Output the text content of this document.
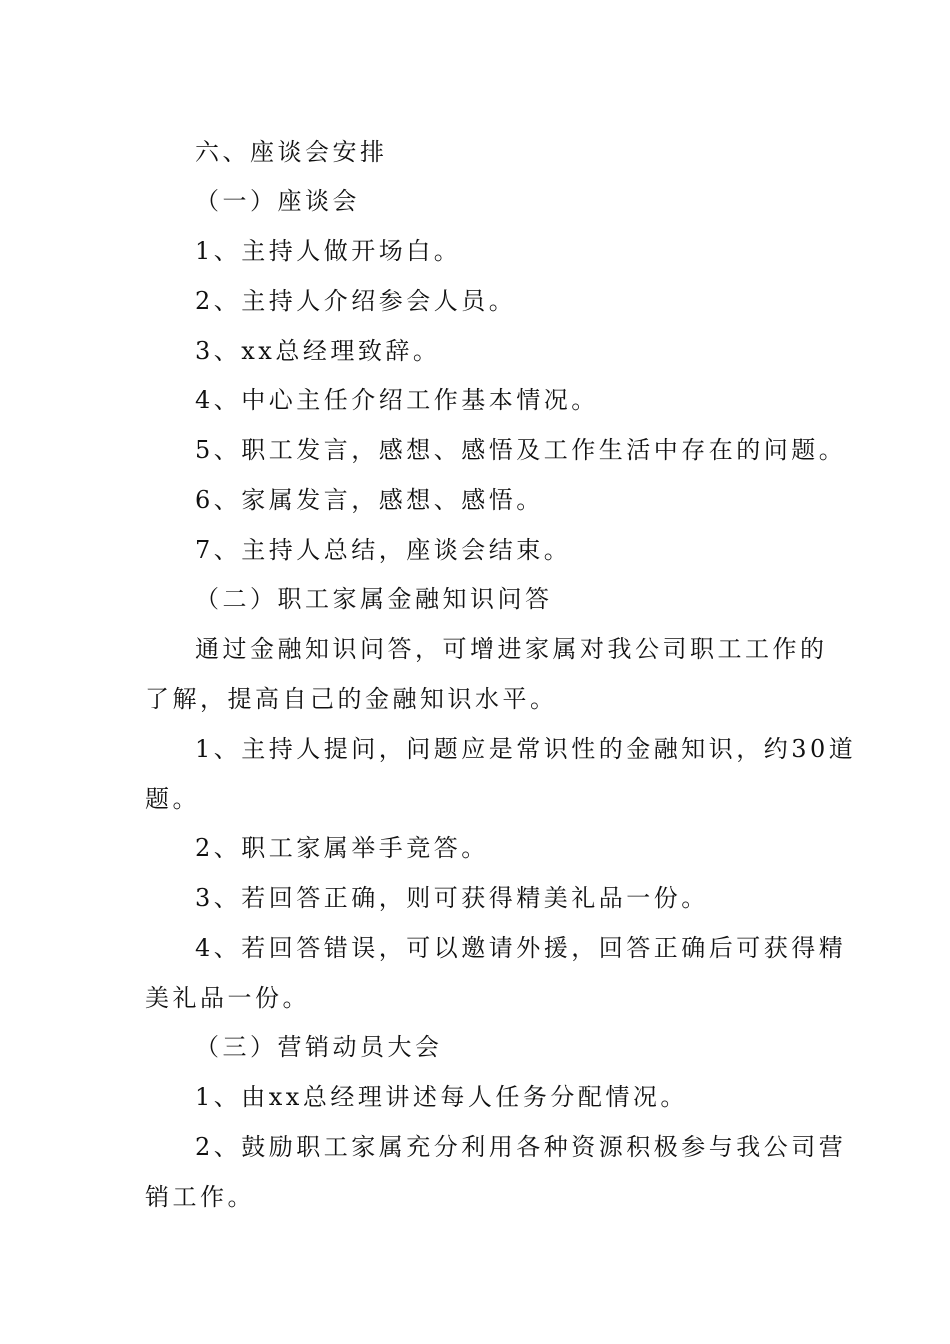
六、座谈会安排
（一）座谈会
1、主持人做开场白。
2、主持人介绍参会人员。
3、xx总经理致辞。
4、中心主任介绍工作基本情况。
5、职工发言，感想、感悟及工作生活中存在的问题。
6、家属发言，感想、感悟。
7、主持人总结，座谈会结束。
（二）职工家属金融知识问答
通过金融知识问答，可增进家属对我公司职工工作的
了解，提高自己的金融知识水平。
1、主持人提问，问题应是常识性的金融知识，约30道
题。
2、职工家属举手竞答。
3、若回答正确，则可获得精美礼品一份。
4、若回答错误，可以邀请外援，回答正确后可获得精
美礼品一份。
（三）营销动员大会
1、由xx总经理讲述每人任务分配情况。
2、鼓励职工家属充分利用各种资源积极参与我公司营
销工作。
